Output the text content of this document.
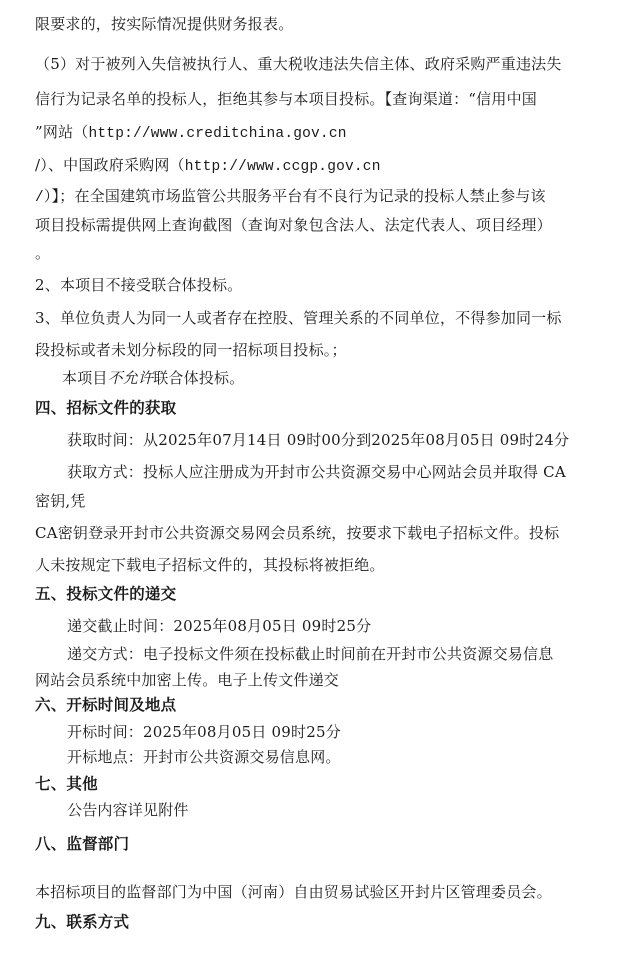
限要求的，按实际情况提供财务报表。
（5）对于被列入失信被执行人、重大税收违法失信主体、政府采购严重违法失
信行为记录名单的投标人，拒绝其参与本项目投标。【查询渠道：“信用中国
”网站（http://www.creditchina.gov.cn
/）、中国政府采购网（http://www.ccgp.gov.cn
/）】；在全国建筑市场监管公共服务平台有不良行为记录的投标人禁止参与该
项目投标需提供网上查询截图（查询对象包含法人、法定代表人、项目经理）
。
2、本项目不接受联合体投标。
3、单位负责人为同一人或者存在控股、管理关系的不同单位，不得参加同一标
段投标或者未划分标段的同一招标项目投标。；
本项目不允许联合体投标。
四、招标文件的获取
获取时间：从2025年07月14日 09时00分到2025年08月05日 09时24分
获取方式：投标人应注册成为开封市公共资源交易中心网站会员并取得 CA
密钥,凭
CA密钥登录开封市公共资源交易网会员系统，按要求下载电子招标文件。投标
人未按规定下载电子招标文件的，其投标将被拒绝。
五、投标文件的递交
递交截止时间：2025年08月05日 09时25分
递交方式：电子投标文件须在投标截止时间前在开封市公共资源交易信息
网站会员系统中加密上传。电子上传文件递交
六、开标时间及地点
开标时间：2025年08月05日 09时25分
开标地点：开封市公共资源交易信息网。
七、其他
公告内容详见附件
八、监督部门
本招标项目的监督部门为中国（河南）自由贸易试验区开封片区管理委员会。
九、联系方式
